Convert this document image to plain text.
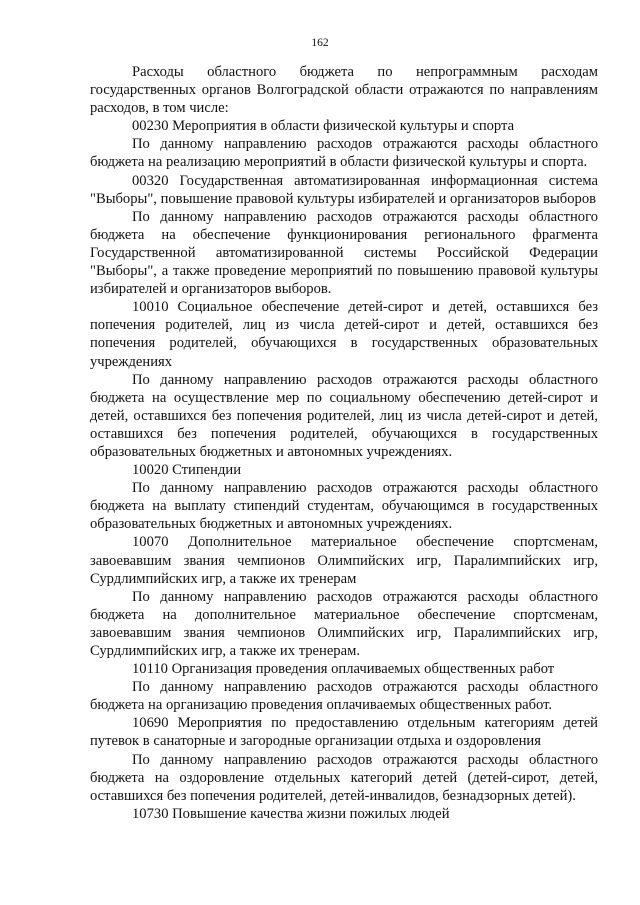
162

Расходы областного бюджета по непрограммным расходам государственных органов Волгоградской области отражаются по направлениям расходов, в том числе:

00230 Мероприятия в области физической культуры и спорта

По данному направлению расходов отражаются расходы областного бюджета на реализацию мероприятий в области физической культуры и спорта.

00320 Государственная автоматизированная информационная система "Выборы", повышение правовой культуры избирателей и организаторов выборов

По данному направлению расходов отражаются расходы областного бюджета на обеспечение функционирования регионального фрагмента Государственной автоматизированной системы Российской Федерации "Выборы", а также проведение мероприятий по повышению правовой культуры избирателей и организаторов выборов.

10010 Социальное обеспечение детей-сирот и детей, оставшихся без попечения родителей, лиц из числа детей-сирот и детей, оставшихся без попечения родителей, обучающихся в государственных образовательных учреждениях

По данному направлению расходов отражаются расходы областного бюджета на осуществление мер по социальному обеспечению детей-сирот и детей, оставшихся без попечения родителей, лиц из числа детей-сирот и детей, оставшихся без попечения родителей, обучающихся в государственных образовательных бюджетных и автономных учреждениях.

10020 Стипендии

По данному направлению расходов отражаются расходы областного бюджета на выплату стипендий студентам, обучающимся в государственных образовательных бюджетных и автономных учреждениях.

10070 Дополнительное материальное обеспечение спортсменам, завоевавшим звания чемпионов Олимпийских игр, Паралимпийских игр, Сурдлимпийских игр, а также их тренерам

По данному направлению расходов отражаются расходы областного бюджета на дополнительное материальное обеспечение спортсменам, завоевавшим звания чемпионов Олимпийских игр, Паралимпийских игр, Сурдлимпийских игр, а также их тренерам.

10110 Организация проведения оплачиваемых общественных работ

По данному направлению расходов отражаются расходы областного бюджета на организацию проведения оплачиваемых общественных работ.

10690 Мероприятия по предоставлению отдельным категориям детей путевок в санаторные и загородные организации отдыха и оздоровления

По данному направлению расходов отражаются расходы областного бюджета на оздоровление отдельных категорий детей (детей-сирот, детей, оставшихся без попечения родителей, детей-инвалидов, безнадзорных детей).

10730 Повышение качества жизни пожилых людей
